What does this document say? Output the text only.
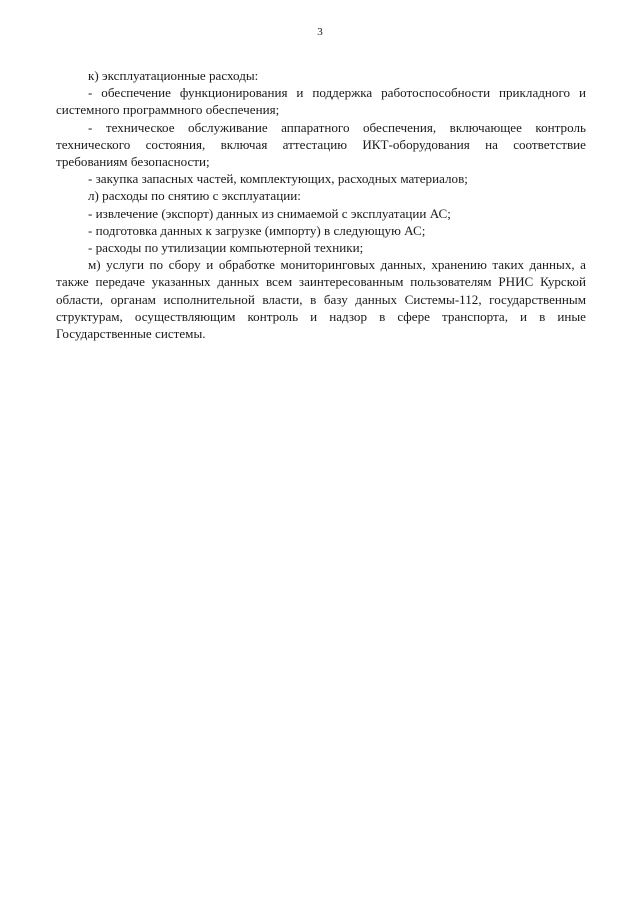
3

к) эксплуатационные расходы:

- обеспечение функционирования и поддержка работоспособности прикладного и системного программного обеспечения;

- техническое обслуживание аппаратного обеспечения, включающее контроль технического состояния, включая аттестацию ИКТ-оборудования на соответствие требованиям безопасности;

- закупка запасных частей, комплектующих, расходных материалов;

л) расходы по снятию с эксплуатации:

- извлечение (экспорт) данных из снимаемой с эксплуатации АС;

- подготовка данных к загрузке (импорту) в следующую АС;

- расходы по утилизации компьютерной техники;

м) услуги по сбору и обработке мониторинговых данных, хранению таких данных, а также передаче указанных данных всем заинтересованным пользователям РНИС Курской области, органам исполнительной власти, в базу данных Системы-112, государственным структурам, осуществляющим контроль и надзор в сфере транспорта, и в иные Государственные системы.
